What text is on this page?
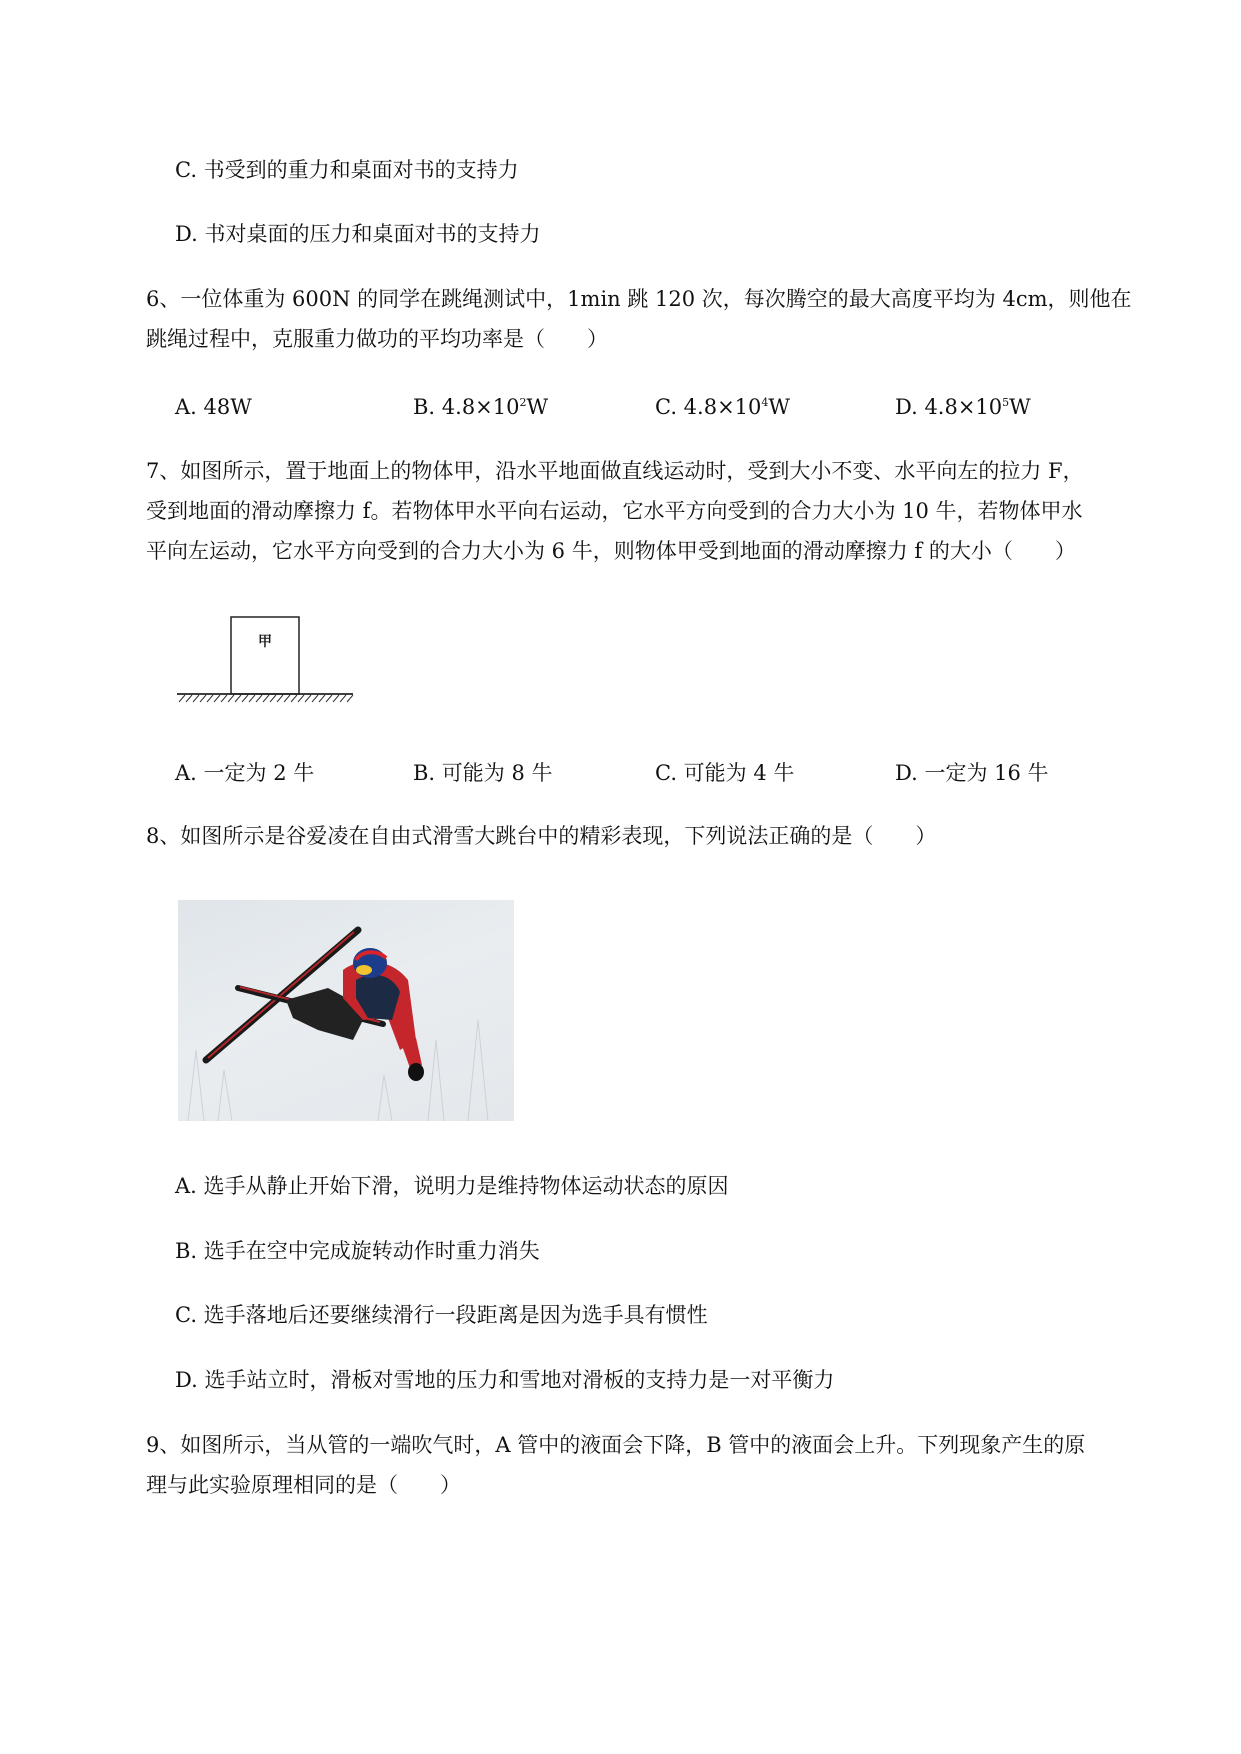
C. 书受到的重力和桌面对书的支持力
D. 书对桌面的压力和桌面对书的支持力
6、一位体重为 600N 的同学在跳绳测试中，1min 跳 120 次，每次腾空的最大高度平均为 4cm，则他在
跳绳过程中，克服重力做功的平均功率是（　　）
A. 48W	B. $4.8\times 10^2W$	C. $4.8\times 10^4W$	D. $4.8\times 10^5W$
7、如图所示，置于地面上的物体甲，沿水平地面做直线运动时，受到大小不变、水平向左的拉力 F，
受到地面的滑动摩擦力 f。若物体甲水平向右运动，它水平方向受到的合力大小为 10 牛，若物体甲水
平向左运动，它水平方向受到的合力大小为 6 牛，则物体甲受到地面的滑动摩擦力 f 的大小（　　）
甲
A. 一定为 2 牛	B. 可能为 8 牛	C. 可能为 4 牛	D. 一定为 16 牛
8、如图所示是谷爱凌在自由式滑雪大跳台中的精彩表现，下列说法正确的是（　　）
A. 选手从静止开始下滑，说明力是维持物体运动状态的原因
B. 选手在空中完成旋转动作时重力消失
C. 选手落地后还要继续滑行一段距离是因为选手具有惯性
D. 选手站立时，滑板对雪地的压力和雪地对滑板的支持力是一对平衡力
9、如图所示，当从管的一端吹气时，A 管中的液面会下降，B 管中的液面会上升。下列现象产生的原
理与此实验原理相同的是（　　）
